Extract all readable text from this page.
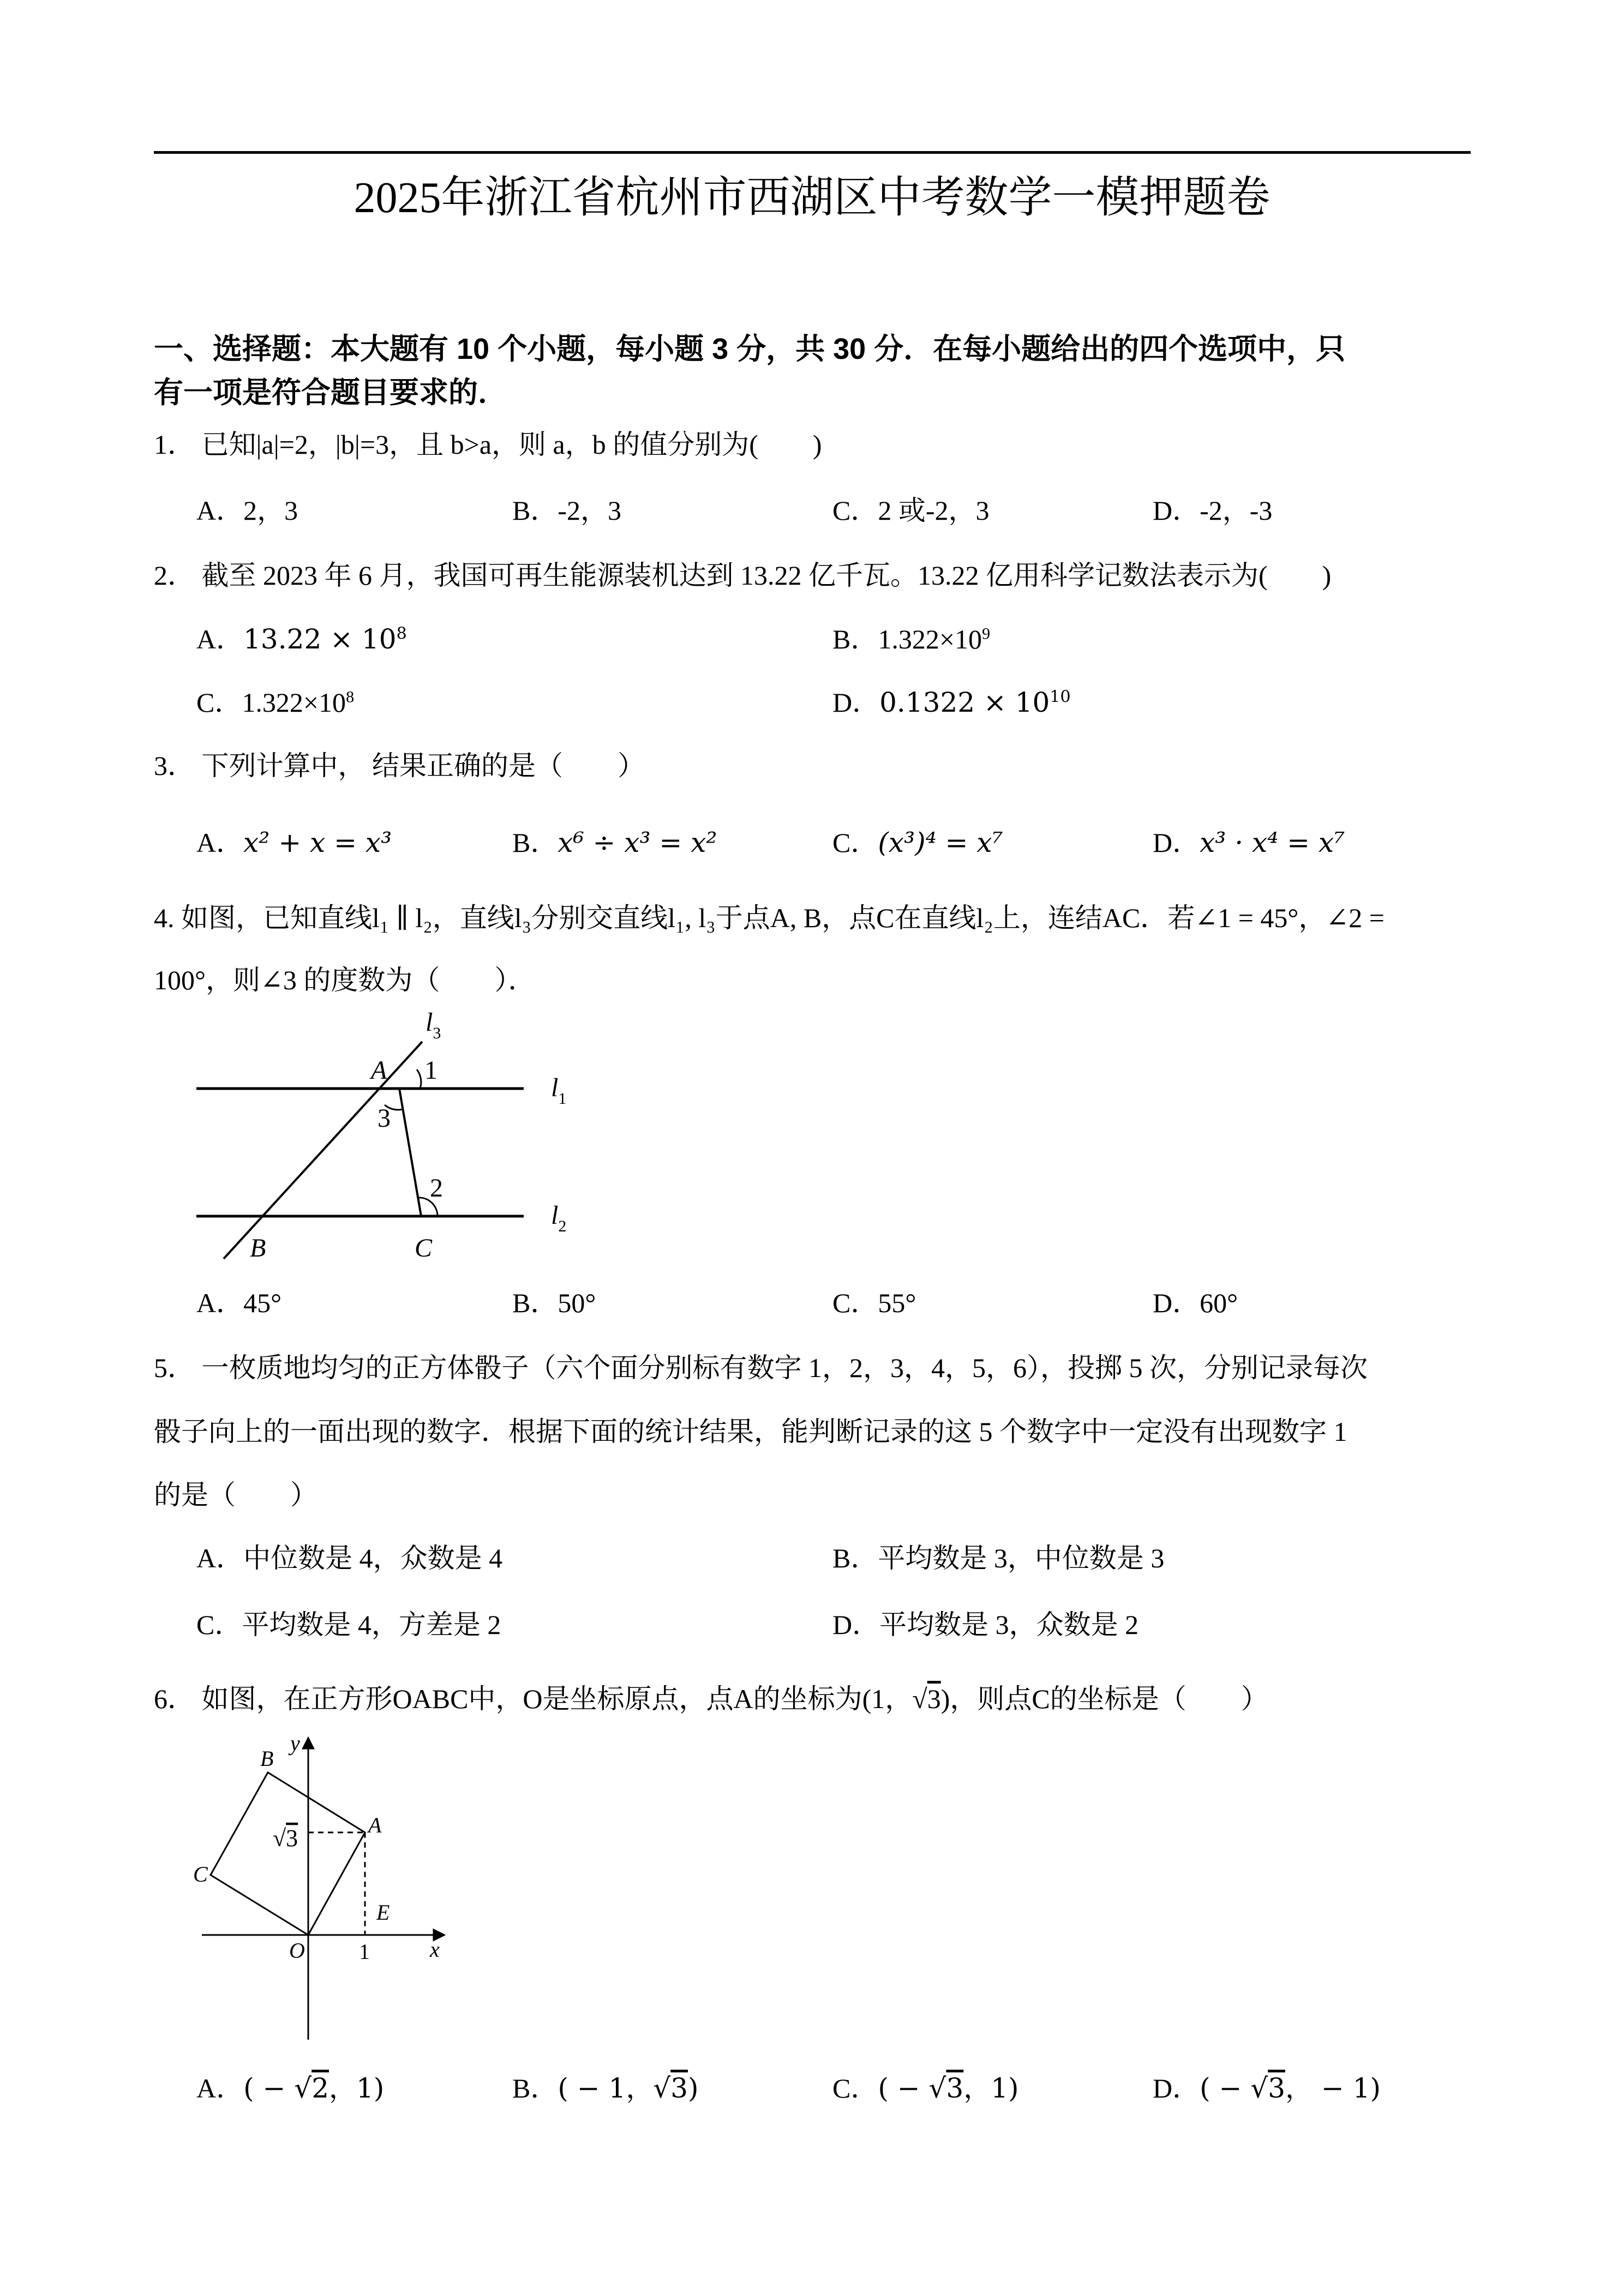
2025年浙江省杭州市西湖区中考数学一模押题卷
一、选择题：本大题有 10 个小题，每小题 3 分，共 30 分．在每小题给出的四个选项中，只
有一项是符合题目要求的．
1． 已知|a|=2，|b|=3，且 b>a，则 a，b 的值分别为(　　)
A．2，3	B．-2，3	C．2 或-2，3	D．-2，-3
2． 截至 2023 年 6 月，我国可再生能源装机达到 13.22 亿千瓦。13.22 亿用科学记数法表示为(　　)
A．$13.22 \times 10^8$	B．$1.322\times 10^9$
C．$1.322\times 10^8$	D．$0.1322 \times 10^{10}$
3． 下列计算中， 结果正确的是（　　）
A．x² + x = x³	B．x⁶ ÷ x³ = x²	C．(x³)⁴ = x⁷	D．x³ · x⁴ = x⁷
4. 如图，已知直线l₁ ∥ l₂，直线l₃分别交直线l₁, l₃于点A, B，点C在直线l₂上，连结AC．若∠1 = 45°，∠2 =
100°，则∠3 的度数为（　　）．
$l_3$
$l_1$
$l_2$
A
B	C
1
2
3
A．45°	B．50°	C．55°	D．60°
5． 一枚质地均匀的正方体骰子（六个面分别标有数字 1，2，3，4，5，6），投掷 5 次，分别记录每次
骰子向上的一面出现的数字．根据下面的统计结果，能判断记录的这 5 个数字中一定没有出现数字 1
的是（　　）
A．中位数是 4，众数是 4	B．平均数是 3，中位数是 3
C．平均数是 4，方差是 2	D．平均数是 3，众数是 2
6． 如图，在正方形OABC中，O是坐标原点，点A的坐标为(1，√3)，则点C的坐标是（　　）
y
x
O
A
B
C
E
1
√3
A．( − √2，1)	B．( − 1，√3)	C．( − √3，1)	D．( − √3， − 1)
